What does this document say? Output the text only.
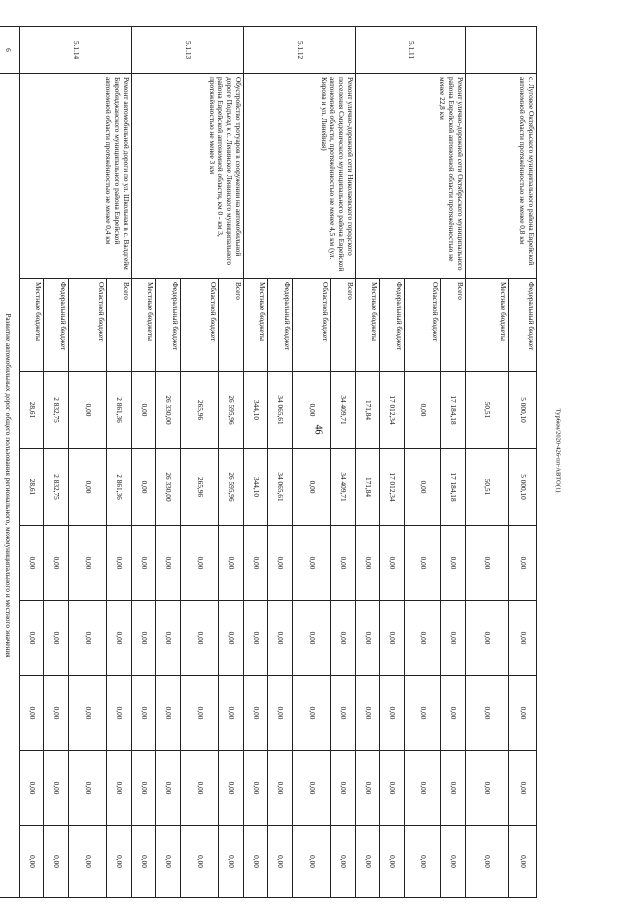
46	Тур6км/2020-426-пп-АВТО(1)
	с. Луговое Октябрьского муниципального района Еврейской автономной области протяжённостью не менее 0,8 км	Федеральный бюджет	5 000,10	5 000,10	0,00	0,00	0,00	0,00	0,00
		Местные бюджеты	50,51	50,51	0,00	0,00	0,00	0,00	0,00
5.1.11	Ремонт улично-дорожной сети Октябрьского муниципального района Еврейской автономной области протяжённостью не менее 22,8 км	Всего	17 184,18	17 184,18	0,00	0,00	0,00	0,00	0,00
		Областной бюджет	0,00	0,00	0,00	0,00	0,00	0,00	0,00
		Федеральный бюджет	17 012,34	17 012,34	0,00	0,00	0,00	0,00	0,00
		Местные бюджеты	171,84	171,84	0,00	0,00	0,00	0,00	0,00
5.1.12	Ремонт улично-дорожной сети Николаевского городского поселения Смидовичского муниципального района Еврейской автономной области, протяжённостью не менее 4,5 км (ул. Кирова и ул. Линейная)	Всего	34 409,71	34 409,71	0,00	0,00	0,00	0,00	0,00
		Областной бюджет	0,00	0,00	0,00	0,00	0,00	0,00	0,00
		Федеральный бюджет	34 065,61	34 065,61	0,00	0,00	0,00	0,00	0,00
		Местные бюджеты	344,10	344,10	0,00	0,00	0,00	0,00	0,00
5.1.13	Обустройство тротуаров в сооружении на автомобильной дороге Подъезд к с. Ленинское Ленинского муниципального района Еврейской автономной области, км 0 - км 3, протяжённостью не менее 3 км	Всего	26 595,96	26 595,96	0,00	0,00	0,00	0,00	0,00
		Областной бюджет	265,96	265,96	0,00	0,00	0,00	0,00	0,00
		Федеральный бюджет	26 330,00	26 330,00	0,00	0,00	0,00	0,00	0,00
		Местные бюджеты	0,00	0,00	0,00	0,00	0,00	0,00	0,00
5.1.14	Ремонт автомобильной дороги по ул. Школьная в с. Валдгейм Биробиджанского муниципального района Еврейской автономной области протяжённостью не менее 0,4 км	Всего	2 861,36	2 861,36	0,00	0,00	0,00	0,00	0,00
		Областной бюджет	0,00	0,00	0,00	0,00	0,00	0,00	0,00
		Федеральный бюджет	2 832,75	2 832,75	0,00	0,00	0,00	0,00	0,00
		Местные бюджеты	28,61	28,61	0,00	0,00	0,00	0,00	0,00
6	Развитие автомобильных дорог общего пользования регионального, межмуниципального и местного значения								
